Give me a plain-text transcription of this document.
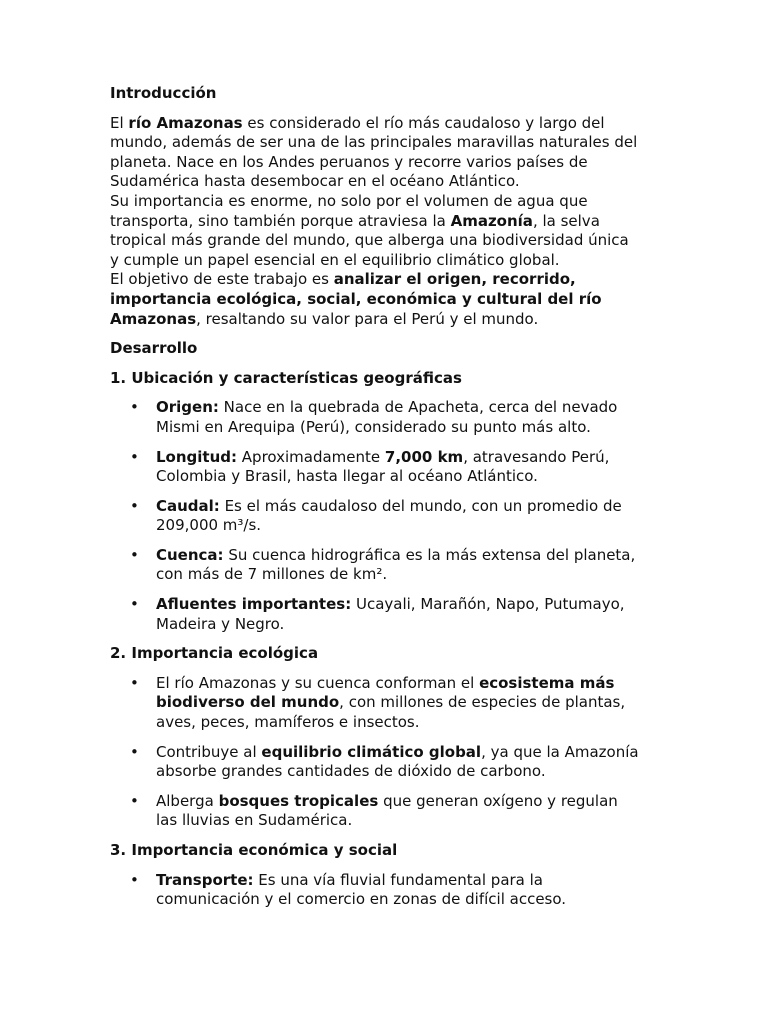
Introducción
El río Amazonas es considerado el río más caudaloso y largo del
mundo, además de ser una de las principales maravillas naturales del
planeta. Nace en los Andes peruanos y recorre varios países de
Sudamérica hasta desembocar en el océano Atlántico.
Su importancia es enorme, no solo por el volumen de agua que
transporta, sino también porque atraviesa la Amazonía, la selva
tropical más grande del mundo, que alberga una biodiversidad única
y cumple un papel esencial en el equilibrio climático global.
El objetivo de este trabajo es analizar el origen, recorrido,
importancia ecológica, social, económica y cultural del río
Amazonas, resaltando su valor para el Perú y el mundo.
Desarrollo
1. Ubicación y características geográficas
• Origen: Nace en la quebrada de Apacheta, cerca del nevado
Mismi en Arequipa (Perú), considerado su punto más alto.
• Longitud: Aproximadamente 7,000 km, atravesando Perú,
Colombia y Brasil, hasta llegar al océano Atlántico.
• Caudal: Es el más caudaloso del mundo, con un promedio de
209,000 m³/s.
• Cuenca: Su cuenca hidrográfica es la más extensa del planeta,
con más de 7 millones de km².
• Afluentes importantes: Ucayali, Marañón, Napo, Putumayo,
Madeira y Negro.
2. Importancia ecológica
• El río Amazonas y su cuenca conforman el ecosistema más
biodiverso del mundo, con millones de especies de plantas,
aves, peces, mamíferos e insectos.
• Contribuye al equilibrio climático global, ya que la Amazonía
absorbe grandes cantidades de dióxido de carbono.
• Alberga bosques tropicales que generan oxígeno y regulan
las lluvias en Sudamérica.
3. Importancia económica y social
• Transporte: Es una vía fluvial fundamental para la
comunicación y el comercio en zonas de difícil acceso.
